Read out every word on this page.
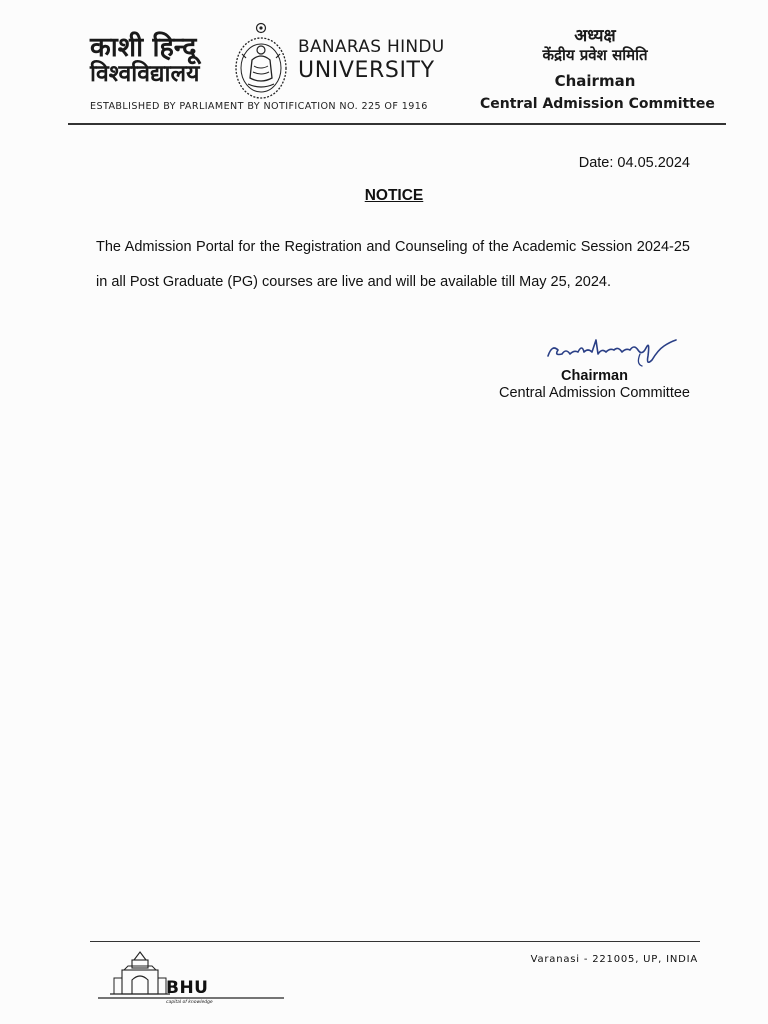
काशी हिन्दू
विश्वविद्यालय
BANARAS HINDU
UNIVERSITY
ESTABLISHED BY PARLIAMENT BY NOTIFICATION NO. 225 OF 1916
अध्यक्ष
केंद्रीय प्रवेश समिति
Chairman
Central Admission Committee
Date: 04.05.2024
NOTICE

The Admission Portal for the Registration and Counseling of the Academic Session 2024-25 in all Post Graduate (PG) courses are live and will be available till May 25, 2024.

Chairman
Central Admission Committee
Varanasi - 221005, UP, INDIA
BHU
capital of knowledge
